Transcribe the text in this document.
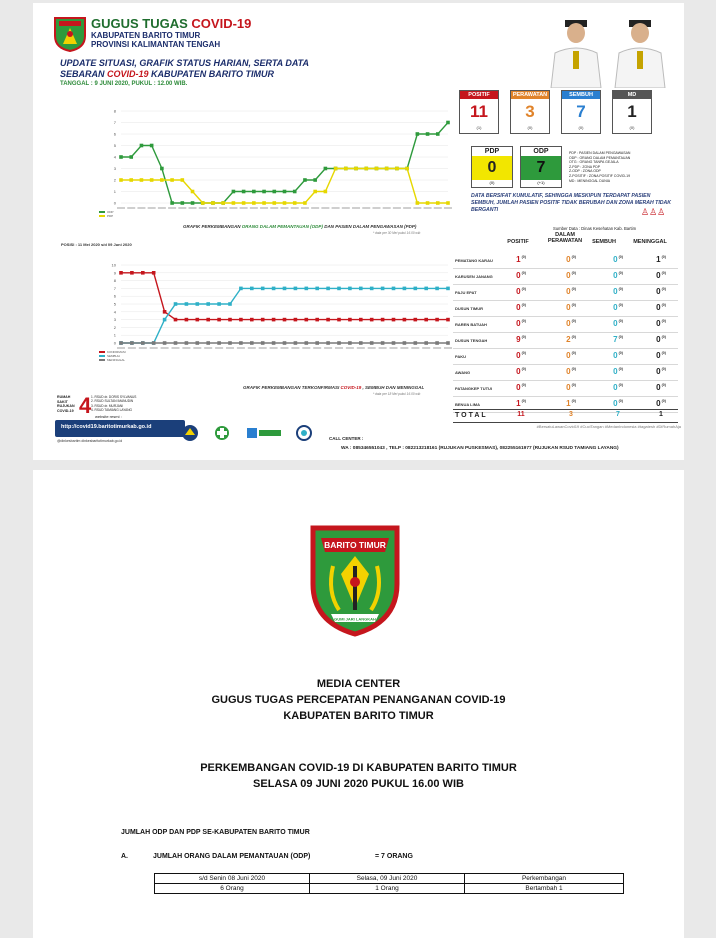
GUGUS TUGAS COVID-19
KABUPATEN BARITO TIMUR
PROVINSI KALIMANTAN TENGAH
UPDATE SITUASI, GRAFIK STATUS HARIAN, SERTA DATA
SEBARAN COVID-19 KABUPATEN BARITO TIMUR
TANGGAL : 9 JUNI 2020, PUKUL : 12.00 WIB.
POSITIF
11
(1)
PERAWATAN
3
(0)
SEMBUH
7
(0)
MD
1
(0)
PDP
0
(0)
ODP
7
(+1)
PDP : PASIEN DALAM PENGAWASAN
ODP : ORANG DALAM PEMANTAUAN
OTG : ORANG TANPA GEJALA
Z-PDP : ZONA PDP
Z-ODP : ZONA ODP
Z-POSITIF : ZONA POSITIF COVID-19
MD : MENINGGAL DUNIA
DATA BERSIFAT KUMULATIF, SEHINGGA MESKIPUN TERDAPAT PASIEN SEMBUH, JUMLAH PASIEN POSITIF TIDAK BERUBAH DAN ZONA MERAH TIDAK BERGANTI	♙♙♙
Sumber Data : Dinas Kesehatan Kab. Bartim
0
1
2
3
4
5
6
7
8
ODP
PDP
GRAFIK PERKEMBANGAN ORANG DALAM PEMANTAUAN (ODP) DAN PASIEN DALAM PENGAWASAN (PDP)
* data per 30 Mei pukul 16.00 wib
POSISI : 11 Mei 2020 s/d 09 Juni 2020
0
1
2
3
4
5
6
7
8
9
10
KONFIRMASI
SEMBUH
MENINGGAL
GRAFIK PERKEMBANGAN TERKONFIRMASI COVID-19 , SEMBUH DAN MENINGGAL
* data per 18 Mei pukul 16.00 wib
POSITIF
DALAM PERAWATAN	SEMBUH	MENINGGAL
PEMATANG KARAU	1$^{(0)}$	0$^{(0)}$	0$^{(0)}$	1$^{(0)}$
KARUSEN JANANG	0$^{(0)}$	0$^{(0)}$	0$^{(0)}$	0$^{(0)}$
PAJU EPAT	0$^{(0)}$	0$^{(0)}$	0$^{(0)}$	0$^{(0)}$
DUSUN TIMUR	0$^{(0)}$	0$^{(0)}$	0$^{(0)}$	0$^{(0)}$
RAREN BATUAH	0$^{(0)}$	0$^{(0)}$	0$^{(0)}$	0$^{(0)}$
DUSUN TENGAH	9$^{(0)}$	2$^{(0)}$	7$^{(0)}$	0$^{(0)}$
PAKU	0$^{(0)}$	0$^{(0)}$	0$^{(0)}$	0$^{(0)}$
AWANG	0$^{(0)}$	0$^{(0)}$	0$^{(0)}$	0$^{(0)}$
PATANGKEP TUTUI	0$^{(0)}$	0$^{(0)}$	0$^{(0)}$	0$^{(0)}$
BENUA LIMA	1$^{(0)}$	1$^{(0)}$	0$^{(0)}$	0$^{(0)}$
TOTAL	11	3	7	1
#BersatuLawanCovid19 #CuciTangan #MedanIndonesia #tagatesh #DiRumahAja
RUMAH SAKIT RUJUKAN COVID-19 4 1. RSUD dr. DORIS SYLVANUS
2. RSUD SULTAN IMANUDIN
3. RSUD dr. MURJANI
4. RSUD TAMIANG LAYANG
website resmi :
http://covid19.baritotimurkab.go.id
@dinkesbartim dinkesbaritotimurkab.go.id	CALL CENTER :
WA : 085346551043 , TELP : 082213218161 (RUJUKAN PUSKESMAS), 082255161977 (RUJUKAN RSUD TAMIANG LAYANG)
BARITO TIMUR
GUMI JARI LANGKAH
MEDIA CENTER
GUGUS TUGAS PERCEPATAN PENANGANAN COVID-19
KABUPATEN BARITO TIMUR
PERKEMBANGAN COVID-19 DI KABUPATEN BARITO TIMUR
SELASA 09 JUNI 2020 PUKUL 16.00 WIB
JUMLAH ODP DAN PDP SE-KABUPATEN BARITO TIMUR
A.	JUMLAH ORANG DALAM PEMANTAUAN (ODP)	= 7 ORANG
s/d Senin 08 Juni 2020	Selasa, 09 Juni 2020	Perkembangan
6 Orang	1 Orang	Bertambah 1
